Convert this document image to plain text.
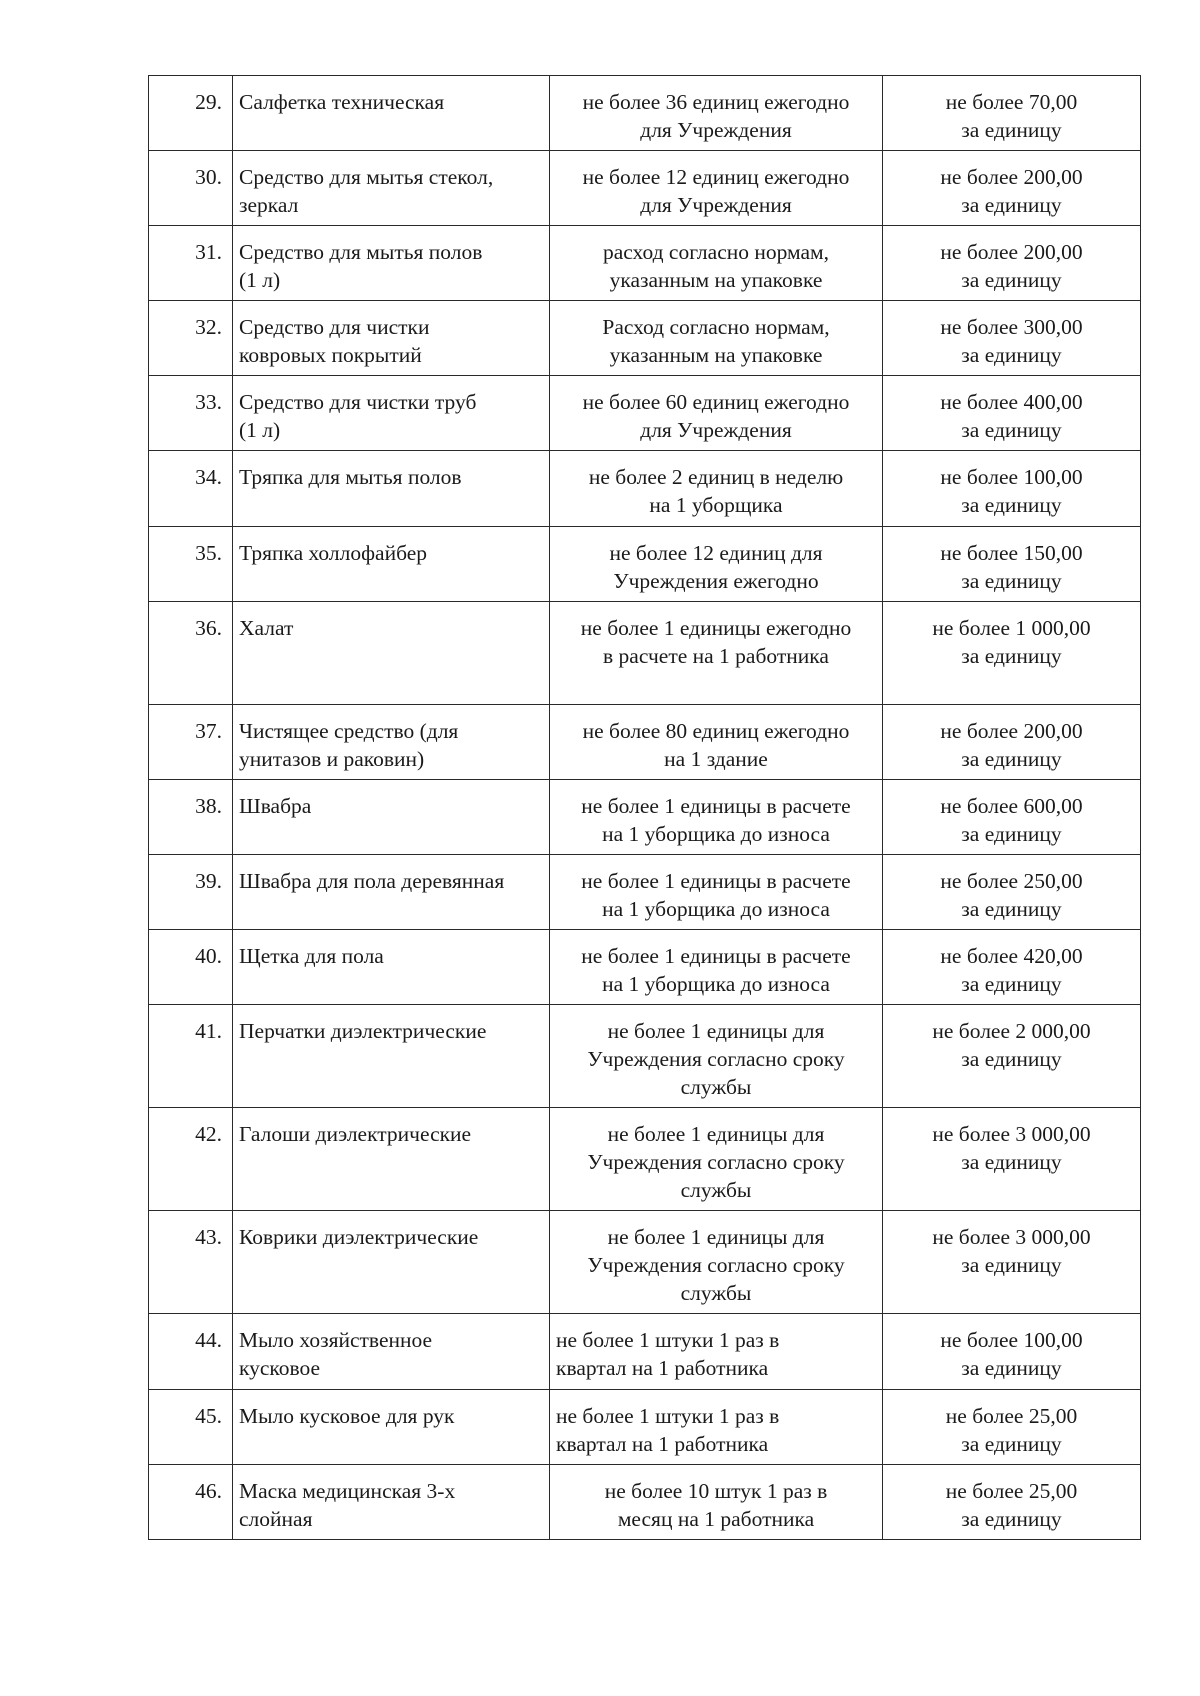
29.	Салфетка техническая	не более 36 единиц ежегодно
для Учреждения	не более 70,00
за единицу

30.	Средство для мытья стекол,
зеркал	не более 12 единиц ежегодно
для Учреждения	не более 200,00
за единицу

31.	Средство для мытья полов
(1 л)	расход согласно нормам,
указанным на упаковке	не более 200,00
за единицу

32.	Средство для чистки
ковровых покрытий	Расход согласно нормам,
указанным на упаковке	не более 300,00
за единицу

33.	Средство для чистки труб
(1 л)	не более 60 единиц ежегодно
для Учреждения	не более 400,00
за единицу

34.	Тряпка для мытья полов	не более 2 единиц в неделю
на 1 уборщика	не более 100,00
за единицу

35.	Тряпка холлофайбер	не более 12 единиц для
Учреждения ежегодно	не более 150,00
за единицу

36.	Халат	не более 1 единицы ежегодно
в расчете на 1 работника	не более 1 000,00
за единицу

37.	Чистящее средство (для
унитазов и раковин)	не более 80 единиц ежегодно
на 1 здание	не более 200,00
за единицу

38.	Швабра	не более 1 единицы в расчете
на 1 уборщика до износа	не более 600,00
за единицу

39.	Швабра для пола деревянная	не более 1 единицы в расчете
на 1 уборщика до износа	не более 250,00
за единицу

40.	Щетка для пола	не более 1 единицы в расчете
на 1 уборщика до износа	не более 420,00
за единицу

41.	Перчатки диэлектрические	не более 1 единицы для
Учреждения согласно сроку
службы	не более 2 000,00
за единицу

42.	Галоши диэлектрические	не более 1 единицы для
Учреждения согласно сроку
службы	не более 3 000,00
за единицу

43.	Коврики диэлектрические	не более 1 единицы для
Учреждения согласно сроку
службы	не более 3 000,00
за единицу

44.	Мыло хозяйственное
кусковое	не более 1 штуки 1 раз в
квартал на 1 работника	не более 100,00
за единицу

45.	Мыло кусковое для рук	не более 1 штуки 1 раз в
квартал на 1 работника	не более 25,00
за единицу

46.	Маска медицинская 3-х
слойная	не более 10 штук 1 раз в
месяц на 1 работника	не более 25,00
за единицу
